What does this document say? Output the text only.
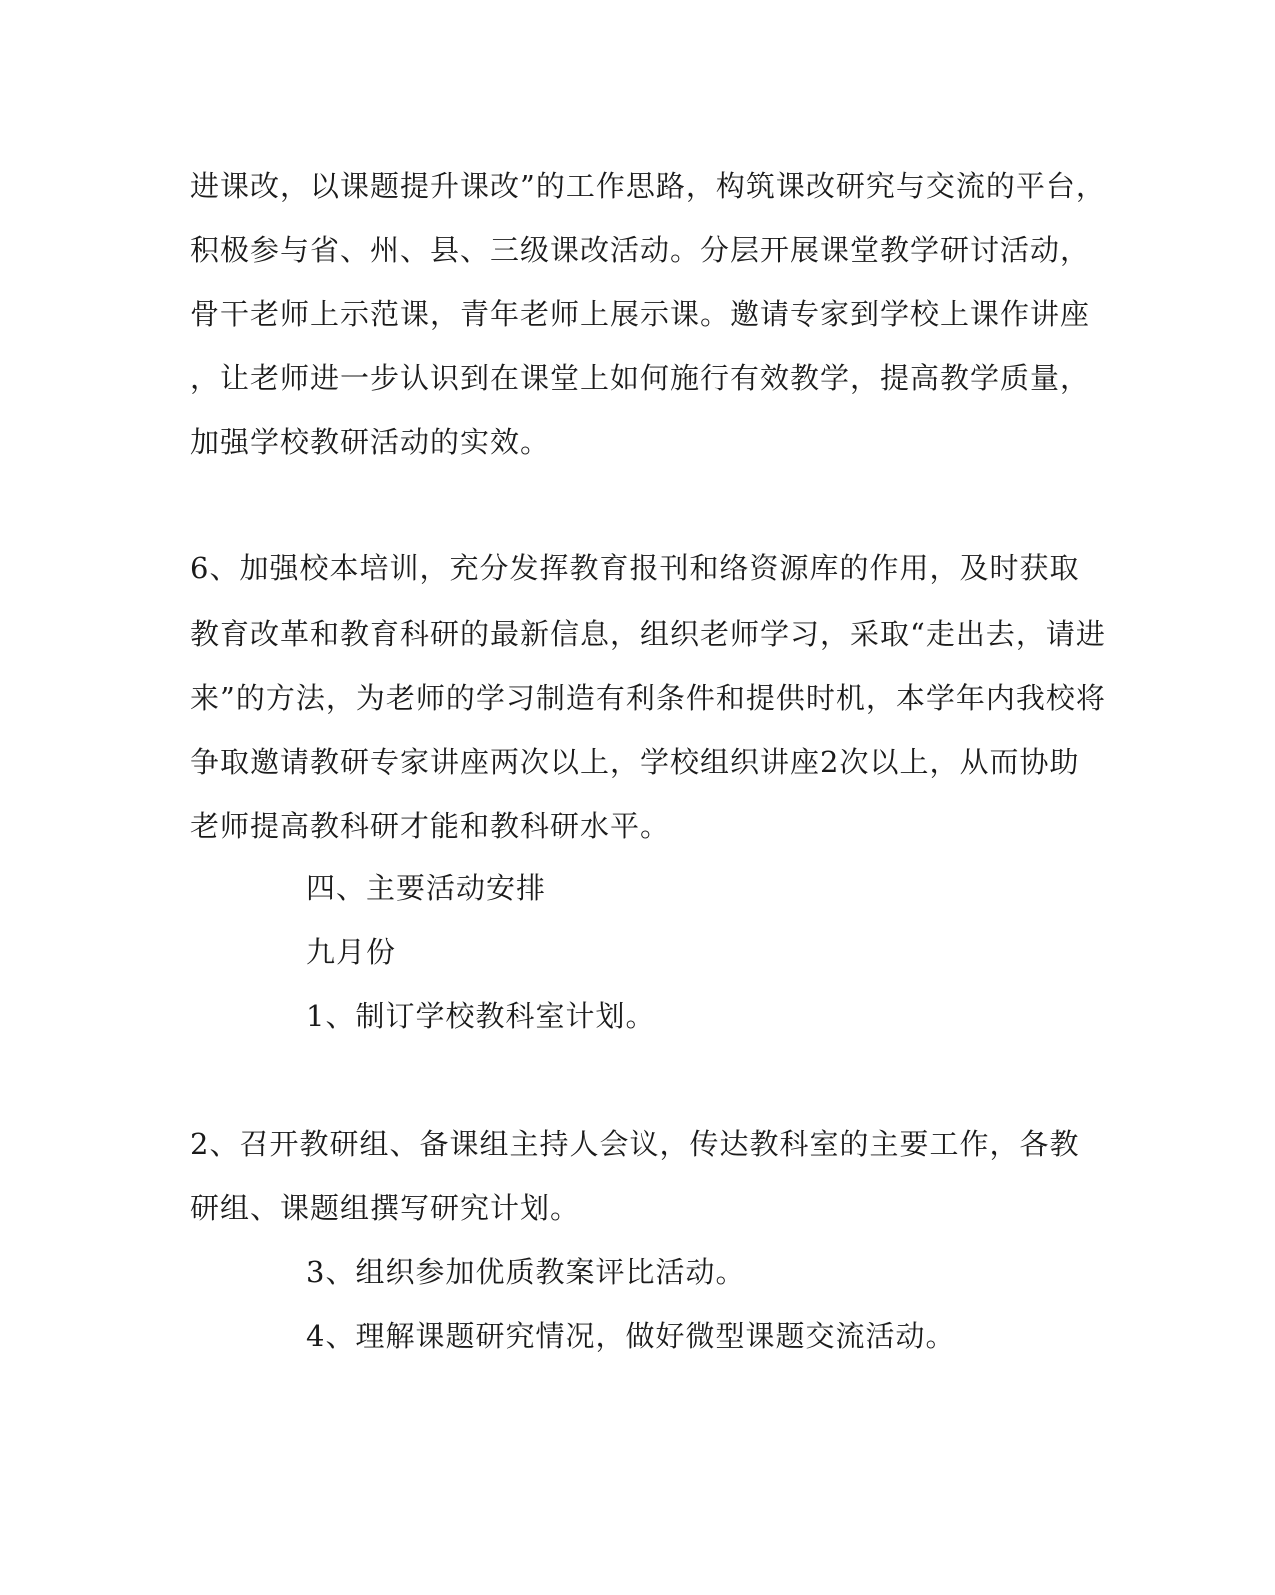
进课改，以课题提升课改”的工作思路，构筑课改研究与交流的平台，
积极参与省、州、县、三级课改活动。分层开展课堂教学研讨活动，
骨干老师上示范课，青年老师上展示课。邀请专家到学校上课作讲座
，让老师进一步认识到在课堂上如何施行有效教学，提高教学质量，
加强学校教研活动的实效。
6、加强校本培训，充分发挥教育报刊和络资源库的作用，及时获取
教育改革和教育科研的最新信息，组织老师学习，采取“走出去，请进
来”的方法，为老师的学习制造有利条件和提供时机，本学年内我校将
争取邀请教研专家讲座两次以上，学校组织讲座2次以上，从而协助
老师提高教科研才能和教科研水平。
四、主要活动安排
九月份
1、制订学校教科室计划。
2、召开教研组、备课组主持人会议，传达教科室的主要工作，各教
研组、课题组撰写研究计划。
3、组织参加优质教案评比活动。
4、理解课题研究情况，做好微型课题交流活动。
